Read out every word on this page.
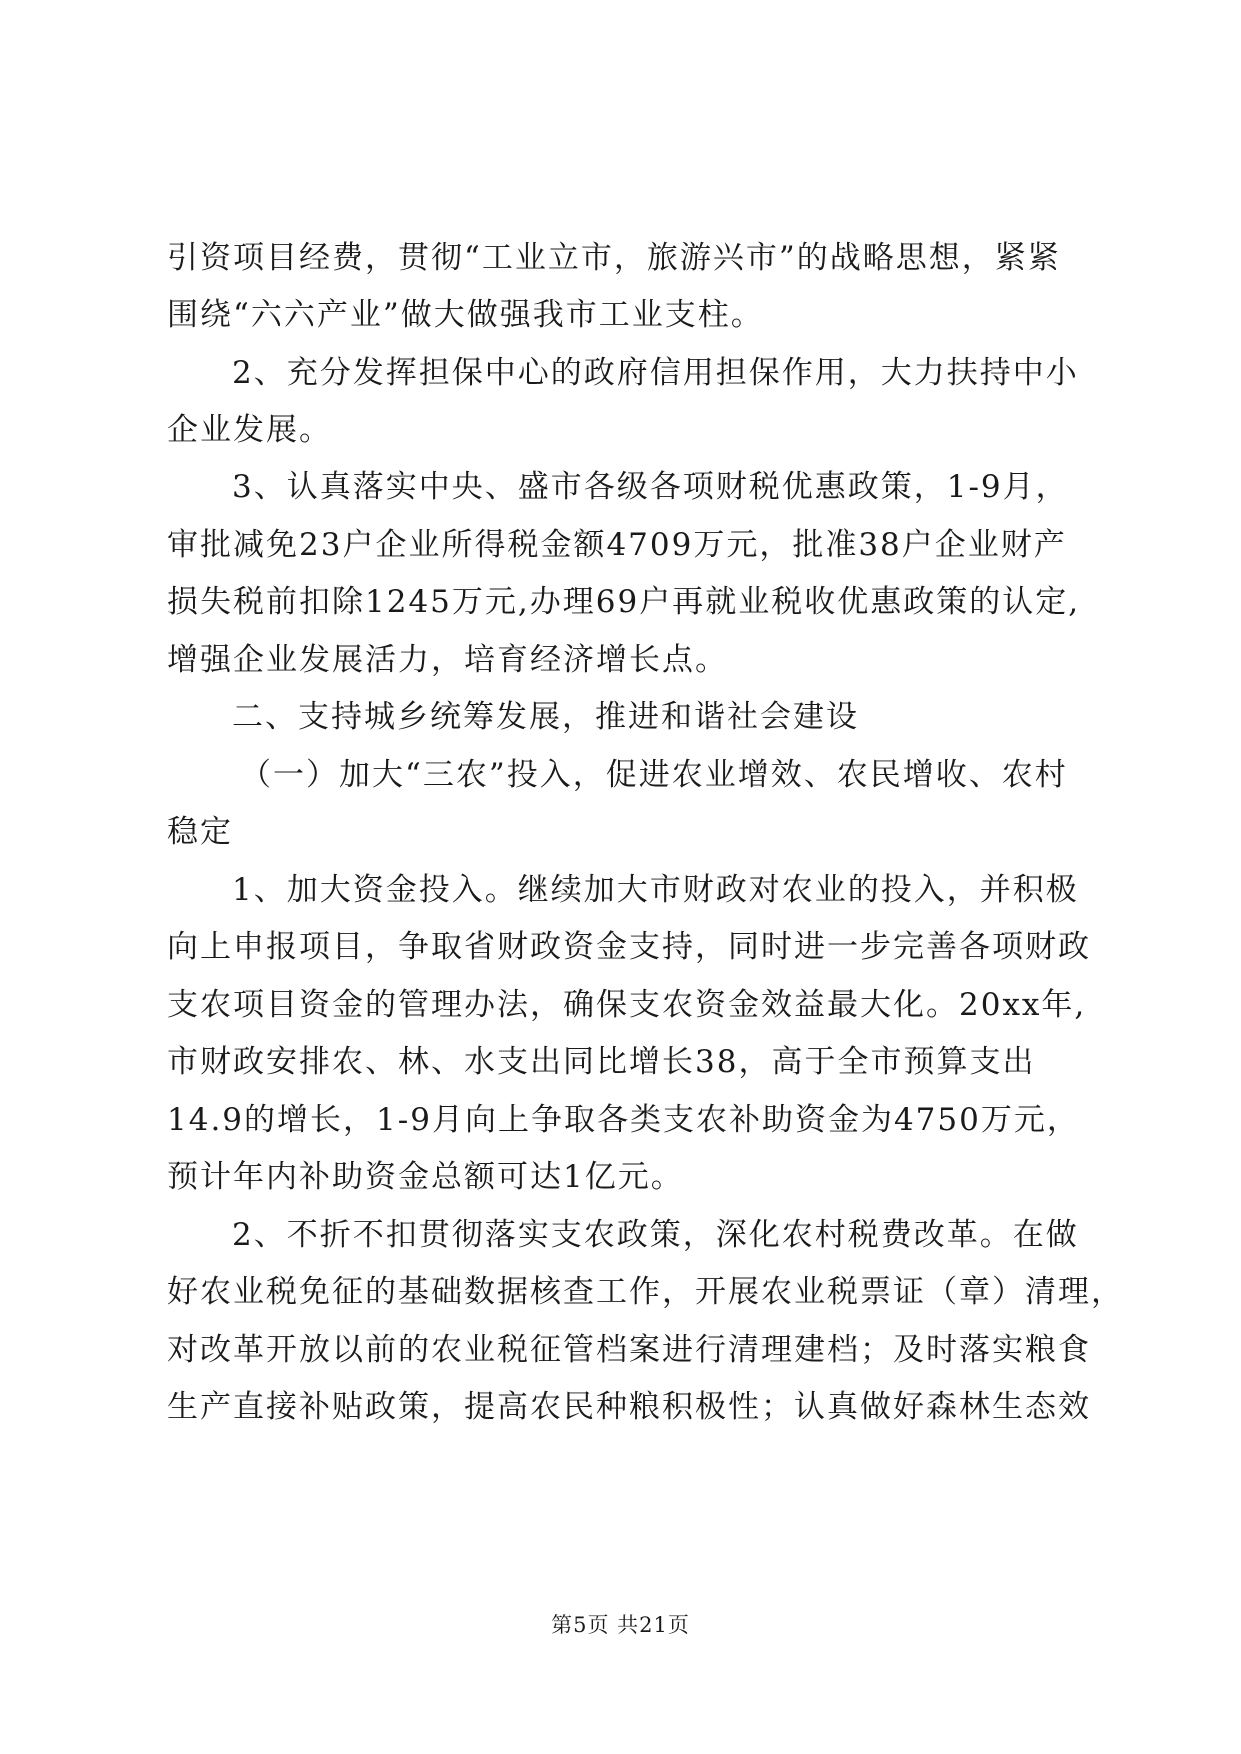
引资项目经费，贯彻“工业立市，旅游兴市”的战略思想，紧紧
围绕“六六产业”做大做强我市工业支柱。
2、充分发挥担保中心的政府信用担保作用，大力扶持中小
企业发展。
3、认真落实中央、盛市各级各项财税优惠政策，1-9月，
审批减免23户企业所得税金额4709万元，批准38户企业财产
损失税前扣除1245万元,办理69户再就业税收优惠政策的认定,
增强企业发展活力，培育经济增长点。
二、支持城乡统筹发展，推进和谐社会建设
（一）加大“三农”投入，促进农业增效、农民增收、农村
稳定
1、加大资金投入。继续加大市财政对农业的投入，并积极
向上申报项目，争取省财政资金支持，同时进一步完善各项财政
支农项目资金的管理办法，确保支农资金效益最大化。20xx年,
市财政安排农、林、水支出同比增长38，高于全市预算支出
14.9的增长，1-9月向上争取各类支农补助资金为4750万元，
预计年内补助资金总额可达1亿元。
2、不折不扣贯彻落实支农政策，深化农村税费改革。在做
好农业税免征的基础数据核查工作，开展农业税票证（章）清理，
对改革开放以前的农业税征管档案进行清理建档；及时落实粮食
生产直接补贴政策，提高农民种粮积极性；认真做好森林生态效
第5页 共21页
